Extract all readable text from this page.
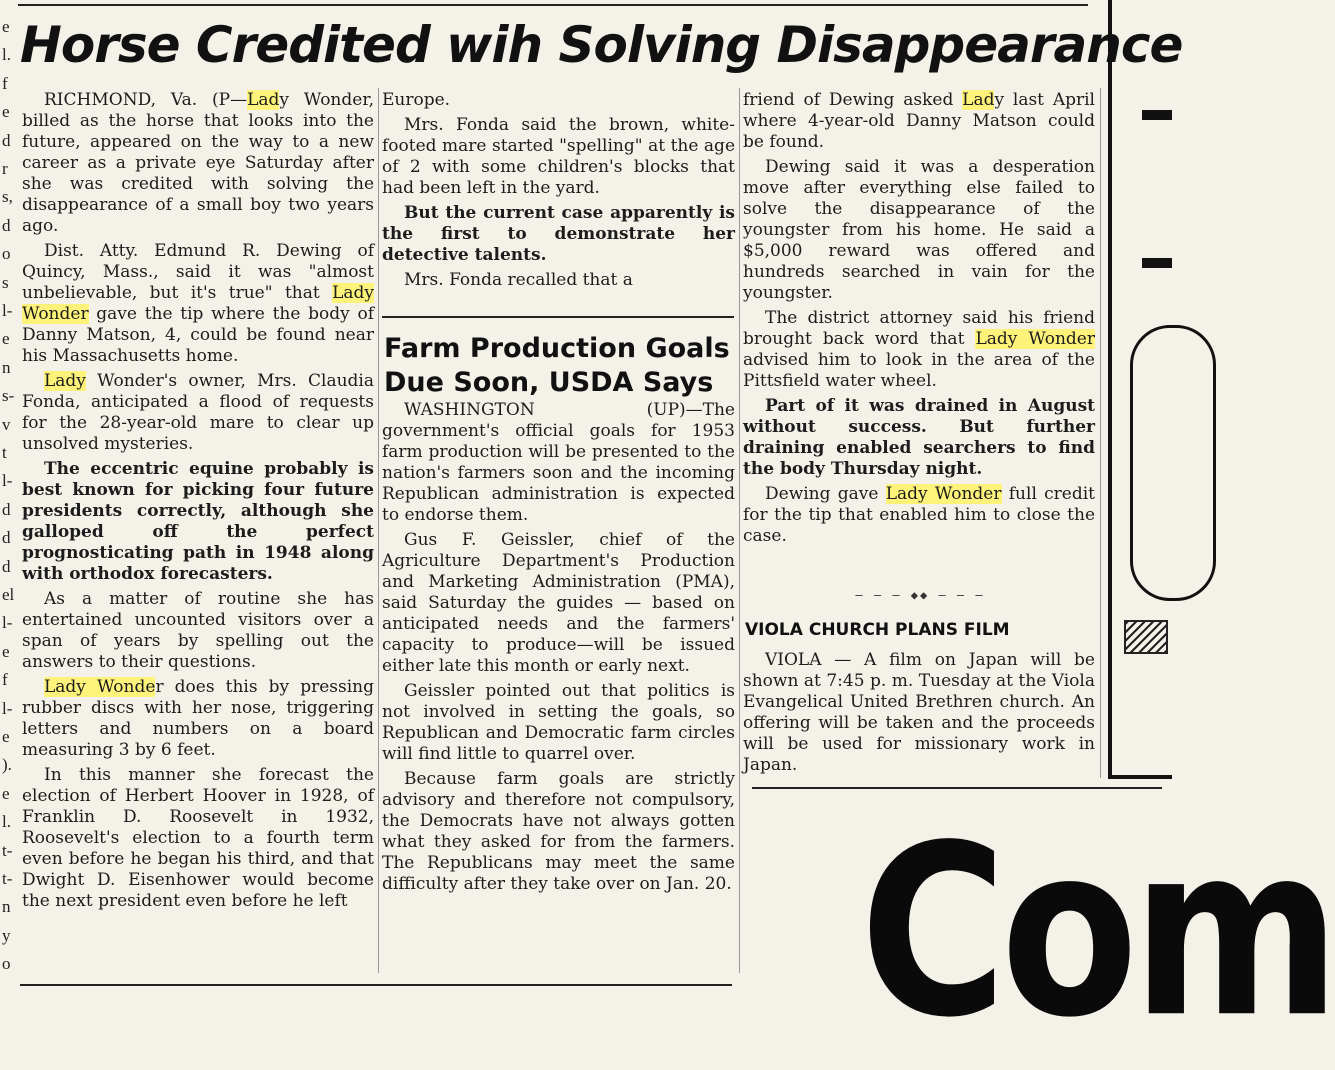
e
l.
f
e
d
r
s,
d
o
s
l-
e
n
s-
v
t
l-
d
d
d
el
l-
e
f
l-
e
).
e
l.
t-
t-
n
y
o
Horse Credited wih Solving Disappearance

RICHMOND, Va. (P—Lady Wonder, billed as the horse that looks into the future, appeared on the way to a new career as a private eye Saturday after she was credited with solving the disappearance of a small boy two years ago.

Dist. Atty. Edmund R. Dewing of Quincy, Mass., said it was "almost unbelievable, but it's true" that Lady Wonder gave the tip where the body of Danny Matson, 4, could be found near his Massachusetts home.

Lady Wonder's owner, Mrs. Claudia Fonda, anticipated a flood of requests for the 28-year-old mare to clear up unsolved mysteries.

The eccentric equine probably is best known for picking four future presidents correctly, although she galloped off the perfect prognosticating path in 1948 along with orthodox forecasters.

As a matter of routine she has entertained uncounted visitors over a span of years by spelling out the answers to their questions.

Lady Wonder does this by pressing rubber discs with her nose, triggering letters and numbers on a board measuring 3 by 6 feet.

In this manner she forecast the election of Herbert Hoover in 1928, of Franklin D. Roosevelt in 1932, Roosevelt's election to a fourth term even before he began his third, and that Dwight D. Eisenhower would become the next president even before he left

Europe.

Mrs. Fonda said the brown, white-footed mare started "spelling" at the age of 2 with some children's blocks that had been left in the yard.

But the current case apparently is the first to demonstrate her detective talents.

Mrs. Fonda recalled that a

Farm Production Goals Due Soon, USDA Says

WASHINGTON (UP)—The government's official goals for 1953 farm production will be presented to the nation's farmers soon and the incoming Republican administration is expected to endorse them.

Gus F. Geissler, chief of the Agriculture Department's Production and Marketing Administration (PMA), said Saturday the guides — based on anticipated needs and the farmers' capacity to produce—will be issued either late this month or early next.

Geissler pointed out that politics is not involved in setting the goals, so Republican and Democratic farm circles will find little to quarrel over.

Because farm goals are strictly advisory and therefore not compulsory, the Democrats have not always gotten what they asked for from the farmers. The Republicans may meet the same difficulty after they take over on Jan. 20.

friend of Dewing asked Lady last April where 4-year-old Danny Matson could be found.

Dewing said it was a desperation move after everything else failed to solve the disappearance of the youngster from his home. He said a $5,000 reward was offered and hundreds searched in vain for the youngster.

The district attorney said his friend brought back word that Lady Wonder advised him to look in the area of the Pittsfield water wheel.

Part of it was drained in August without success. But further draining enabled searchers to find the body Thursday night.

Dewing gave Lady Wonder full credit for the tip that enabled him to close the case.

— — — ◆◆ — — —
VIOLA CHURCH PLANS FILM

VIOLA — A film on Japan will be shown at 7:45 p. m. Tuesday at the Viola Evangelical United Brethren church. An offering will be taken and the proceeds will be used for missionary work in Japan.

Com
